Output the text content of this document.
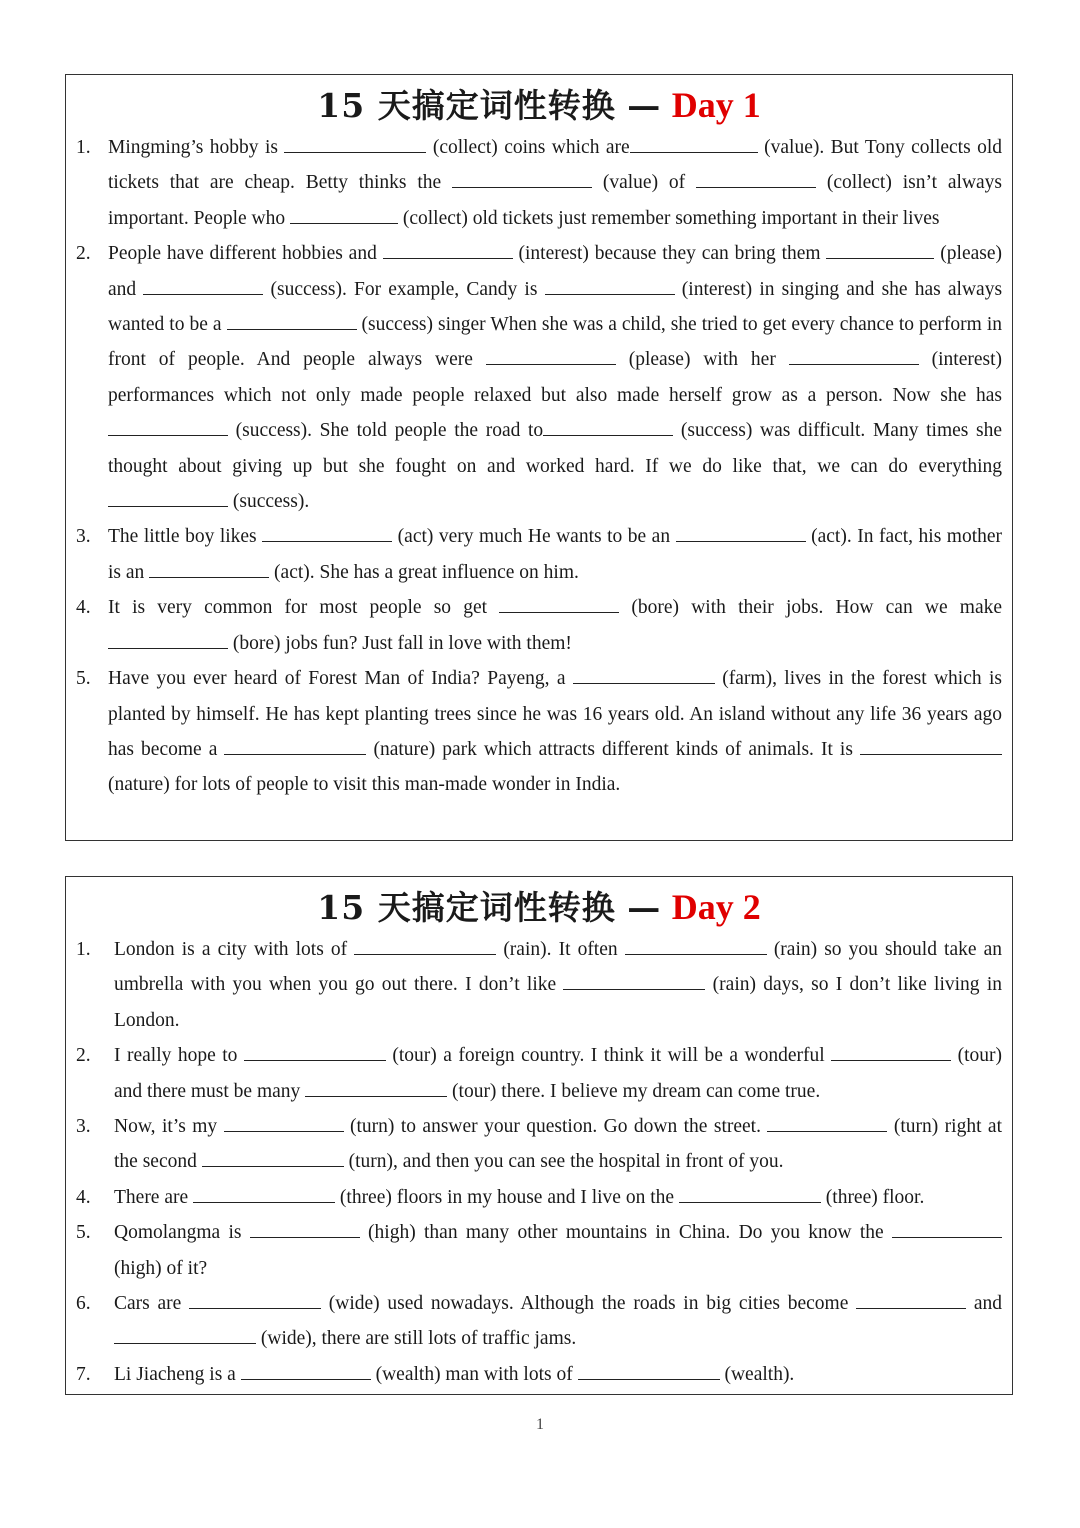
15 天搞定词性转换 — Day 1
1. Mingming’s hobby is	(collect) coins which are	(value). But Tony collects old tickets that are cheap. Betty thinks the	(value) of	(collect) isn’t always important. People who	(collect) old tickets just remember something important in their lives
2. People have different hobbies and	(interest) because they can bring them	(please) and	(success). For example, Candy is	(interest) in singing and she has always wanted to be a	(success) singer When she was a child, she tried to get every chance to perform in front of people. And people always were	(please) with her	(interest) performances which not only made people relaxed but also made herself grow as a person. Now she has  (success). She told people the road to	(success) was difficult. Many times she thought about giving up but she fought on and worked hard. If we do like that, we can do everything  (success).
3. The little boy likes	(act) very much He wants to be an	(act). In fact, his mother is an	(act). She has a great influence on him.
4. It is very common for most people so get	(bore) with their jobs. How can we make  (bore) jobs fun? Just fall in love with them!
5. Have you ever heard of Forest Man of India? Payeng, a	(farm), lives in the forest which is planted by himself. He has kept planting trees since he was 16 years old. An island without any life 36 years ago has become a	(nature) park which attracts different kinds of animals. It is  (nature) for lots of people to visit this man-made wonder in India.
15 天搞定词性转换 — Day 2
1. London is a city with lots of	(rain). It often	(rain) so you should take an umbrella with you when you go out there. I don’t like	(rain) days, so I don’t like living in London.
2. I really hope to	(tour) a foreign country. I think it will be a wonderful	(tour) and there must be many	(tour) there. I believe my dream can come true.
3. Now, it’s my	(turn) to answer your question. Go down the street.	(turn) right at the second	(turn), and then you can see the hospital in front of you.
4. There are	(three) floors in my house and I live on the	(three) floor.
5. Qomolangma is	(high) than many other mountains in China. Do you know the  (high) of it?
6. Cars are	(wide) used nowadays. Although the roads in big cities become	and  (wide), there are still lots of traffic jams.
7. Li Jiacheng is a	(wealth) man with lots of	(wealth).
1
